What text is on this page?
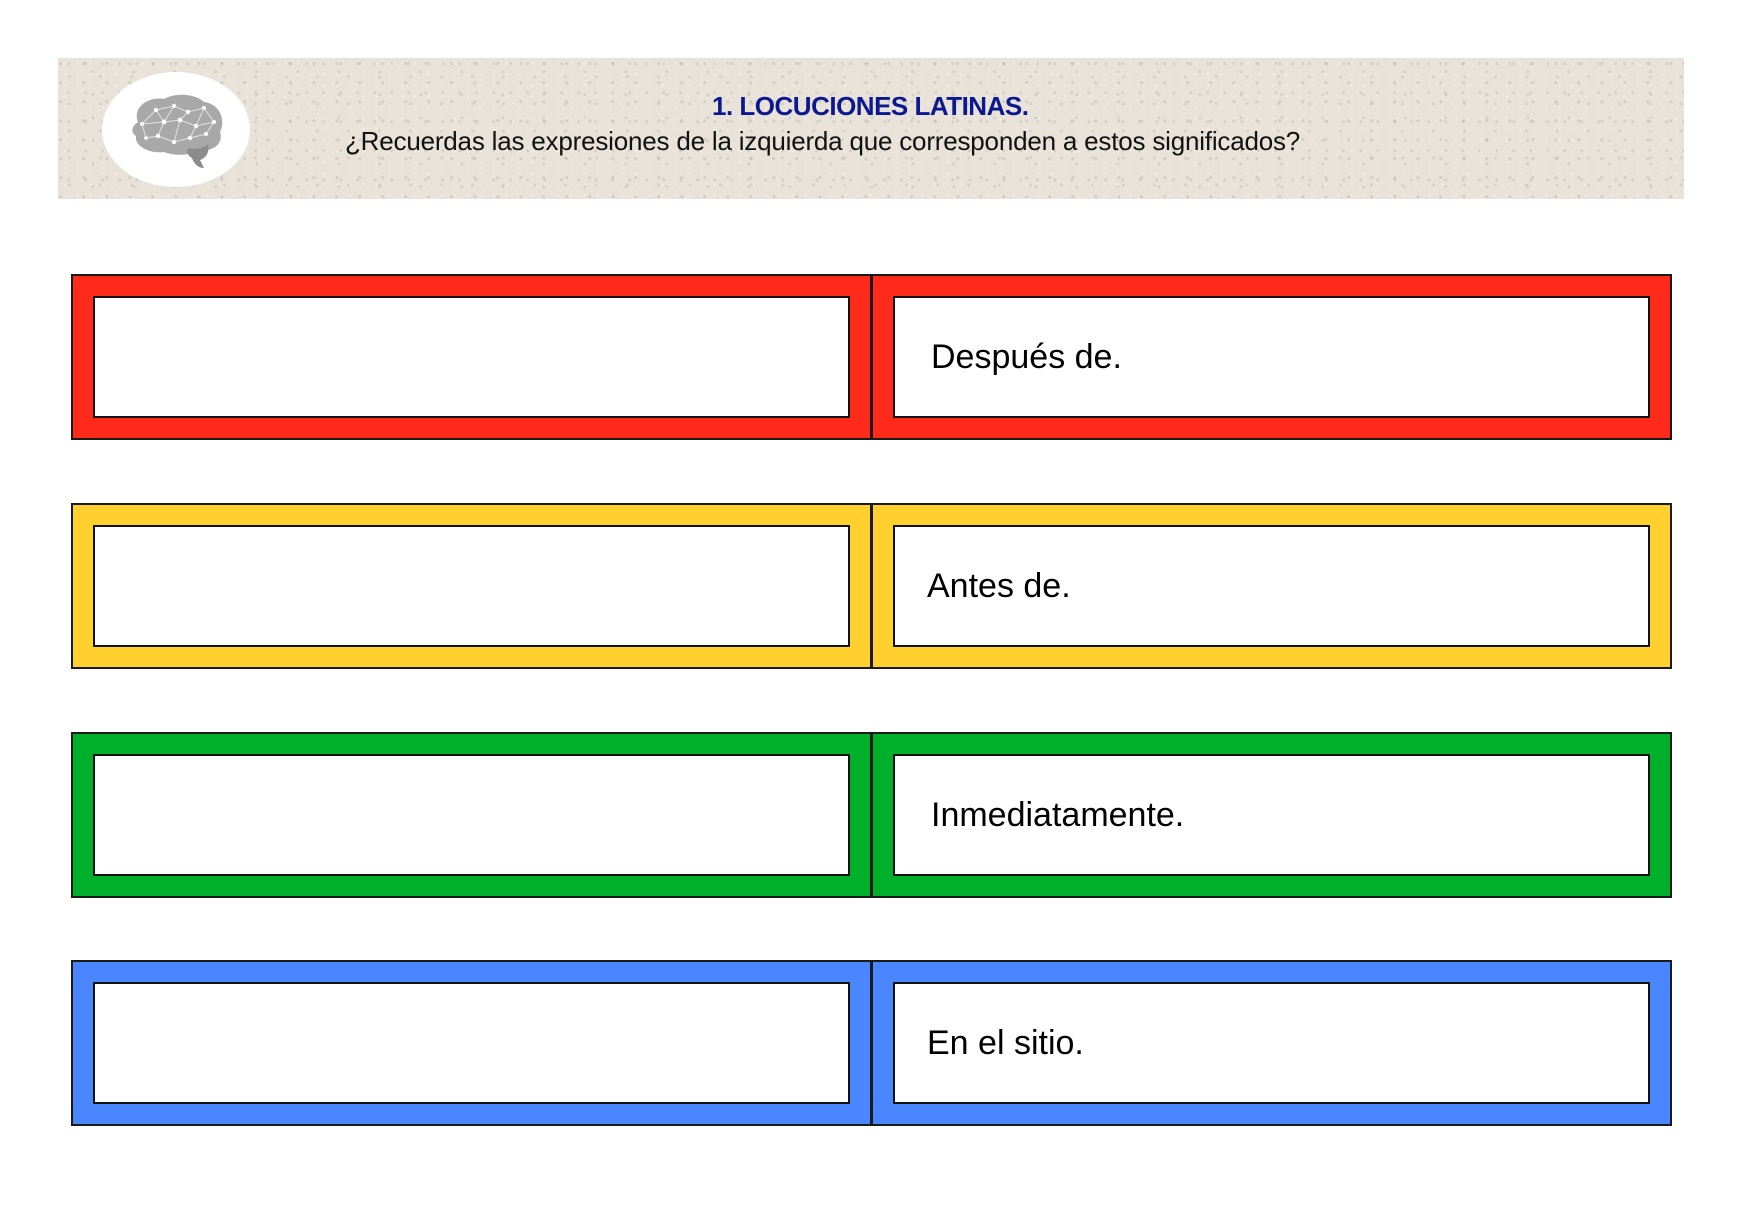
1. LOCUCIONES LATINAS.
¿Recuerdas las expresiones de la izquierda que corresponden a estos significados?
Después de.
Antes de.
Inmediatamente.
En el sitio.
